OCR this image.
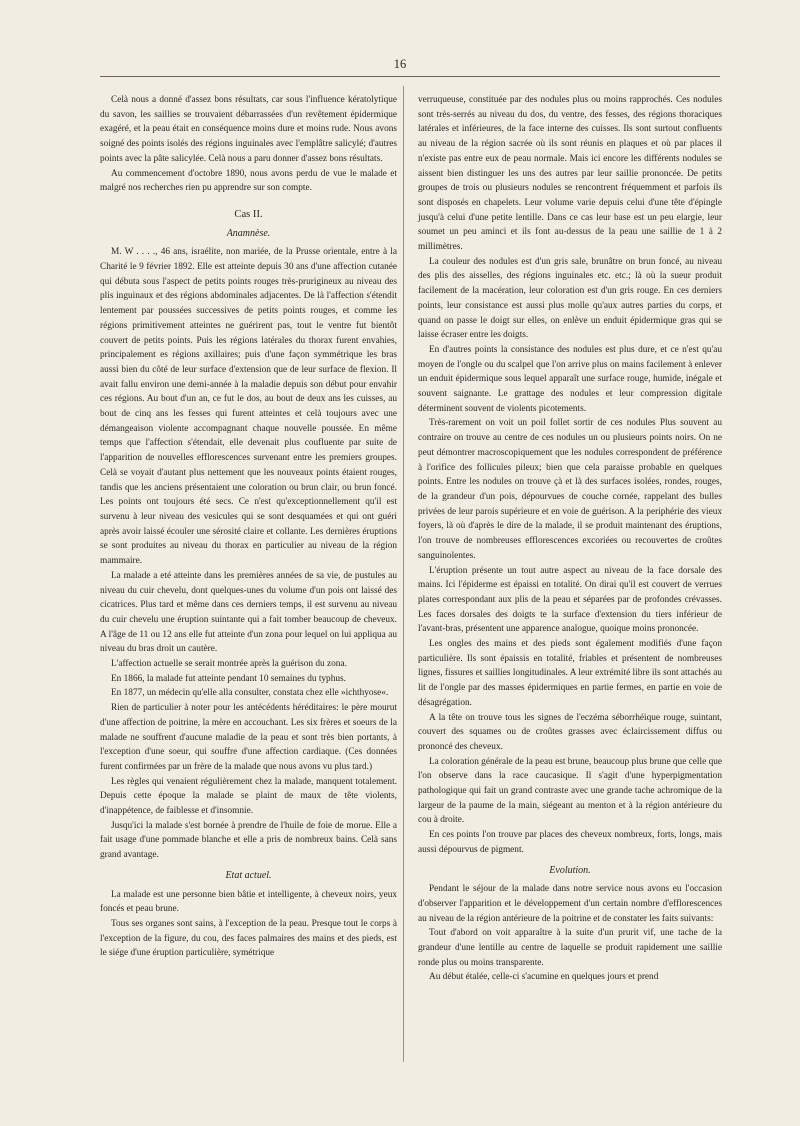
16

Celà nous a donné d'assez bons résultats, car sous l'influence kératolytique du savon, les saillies se trouvaient débarrassées d'un revêtement épidermique exagéré, et la peau était en conséquence moins dure et moins rude. Nous avons soigné des points isolés des régions inguinales avec l'emplâtre salicylé; d'autres points avec la pâte salicylée. Celà nous a paru donner d'assez bons résultats.

Au commencement d'octobre 1890, nous avons perdu de vue le malade et malgré nos recherches rien pu apprendre sur son compte.

Cas II.
Anamnèse.

M. W . . . ., 46 ans, israélite, non mariée, de la Prusse orientale, entre à la Charité le 9 février 1892. Elle est atteinte depuis 30 ans d'une affection cutanée qui débuta sous l'aspect de petits points rouges très-prurigineux au niveau des plis inguinaux et des régions abdominales adjacentes. De là l'affection s'étendit lentement par poussées successives de petits points rouges, et comme les régions primitivement atteintes ne guérirent pas, tout le ventre fut bientôt couvert de petits points. Puis les régions latérales du thorax furent envahies, principalement es régions axillaires; puis d'une façon symmétrique les bras aussi bien du côté de leur surface d'extension que de leur surface de flexion. Il avait fallu environ une demi-année à la maladie depuis son début pour envahir ces régions. Au bout d'un an, ce fut le dos, au bout de deux ans les cuisses, au bout de cinq ans les fesses qui furent atteintes et celà toujours avec une démangeaison violente accompagnant chaque nouvelle poussée. En même temps que l'affection s'étendait, elle devenait plus coufluente par suite de l'apparition de nouvelles efflorescences survenant entre les premiers groupes. Celà se voyait d'autant plus nettement que les nouveaux points étaient rouges, tandis que les anciens présentaient une coloration ou brun clair, ou brun foncé. Les points ont toujours été secs. Ce n'est qu'exceptionnellement qu'il est survenu à leur niveau des vesicules qui se sont desquamées et qui ont guéri après avoir laissé écouler une sérosité claire et collante. Les dernières éruptions se sont produites au niveau du thorax en particulier au niveau de la région mammaire.

La malade a eté atteinte dans les premières années de sa vie, de pustules au niveau du cuir chevelu, dont quelques-unes du volume d'un pois ont laissé des cicatrices. Plus tard et même dans ces derniers temps, il est survenu au niveau du cuir chevelu une éruption suintante qui a fait tomber beaucoup de cheveux. A l'âge de 11 ou 12 ans elle fut atteinte d'un zona pour lequel on lui appliqua au niveau du bras droit un cautère.

L'affection actuelle se serait montrée après la guérison du zona.

En 1866, la malade fut atteinte pendant 10 semaines du typhus.

En 1877, un médecin qu'elle alla consulter, constata chez elle »ichthyose«.

Rien de particulier à noter pour les antécédents héréditaires: le père mourut d'une affection de poitrine, la mère en accouchant. Les six frères et soeurs de la malade ne souffrent d'aucune maladie de la peau et sont très bien portants, à l'exception d'une soeur, qui souffre d'une affection cardiaque. (Ces données furent confirmées par un frère de la malade que nous avons vu plus tard.)

Les règles qui venaient régulièrement chez la malade, manquent totalement. Depuis cette époque la malade se plaint de maux de tête violents, d'inappétence, de faiblesse et d'insomnie.

Jusqu'ici la malade s'est bornée à prendre de l'huile de foie de morue. Elle a fait usage d'une pommade blanche et elle a pris de nombreux bains. Celà sans grand avantage.

Etat actuel.

La malade est une personne bien bâtie et intelligente, à cheveux noirs, yeux foncés et peau brune.

Tous ses organes sont sains, à l'exception de la peau. Presque tout le corps à l'exception de la figure, du cou, des faces palmaires des mains et des pieds, est le siége d'une éruption particulière, symétrique

verruqueuse, constituée par des nodules plus ou moins rapprochés. Ces nodules sont très-serrés au niveau du dos, du ventre, des fesses, des régions thoraciques latérales et inférieures, de la face interne des cuisses. Ils sont surtout confluents au niveau de la région sacrée où ils sont réunis en plaques et où par places il n'existe pas entre eux de peau normale. Mais ici encore les différents nodules se aissent bien distinguer les uns des autres par leur saillie prononcée. De petits groupes de trois ou plusieurs nodules se rencontrent fréquemment et parfois ils sont disposés en chapelets. Leur volume varie depuis celui d'une tête d'épingle jusqu'à celui d'une petite lentille. Dans ce cas leur base est un peu elargie, leur soumet un peu aminci et ils font au-dessus de la peau une saillie de 1 à 2 millimètres.

La couleur des nodules est d'un gris sale, brunâtre on brun foncé, au niveau des plis des aisselles, des régions inguinales etc. etc.; là où la sueur produit facilement de la macération, leur coloration est d'un gris rouge. En ces derniers points, leur consistance est aussi plus molle qu'aux autres parties du corps, et quand on passe le doigt sur elles, on enlève un enduit épidermique gras qui se laisse écraser entre les doigts.

En d'autres points la consistance des nodules est plus dure, et ce n'est qu'au moyen de l'ongle ou du scalpel que l'on arrive plus on mains facilement à enlever un enduit épidermique sous lequel apparaît une surface rouge, humide, inégale et souvent saignante. Le grattage des nodules et leur compression digitale déterminent souvent de violents picotements.

Très-rarement on voit un poil follet sortir de ces nodules Plus souvent au contraire on trouve au centre de ces nodules un ou plusieurs points noirs. On ne peut démontrer macroscopiquement que les nodules correspondent de préférence à l'orifice des follicules pileux; bien que cela paraisse probable en quelques points. Entre les nodules on trouve çà et là des surfaces isolées, rondes, rouges, de la grandeur d'un pois, dépourvues de couche cornée, rappelant des bulles privées de leur parois supérieure et en voie de guérison. A la periphérie des vieux foyers, là où d'après le dire de la malade, il se produit maintenant des éruptions, l'on trouve de nombreuses efflorescences excoriées ou recouvertes de croûtes sanguinolentes.

L'éruption présente un tout autre aspect au niveau de la face dorsale des mains. Ici l'épiderme est épaissi en totalité. On dirai qu'il est couvert de verrues plates correspondant aux plis de la peau et séparées par de profondes crévasses. Les faces dorsales des doigts te la surface d'extension du tiers inférieur de l'avant-bras, présentent une apparence analogue, quoique moins prononcée.

Les ongles des mains et des pieds sont également modifiés d'une façon particulière. Ils sont épaissis en totalité, friables et présentent de nombreuses lignes, fissures et saillies longitudinales. A leur extrémité libre ils sont attachés au lit de l'ongle par des masses épidermiques en partie fermes, en partie en voie de désagrégation.

A la tête on trouve tous les signes de l'eczéma séborrhéique rouge, suintant, couvert des squames ou de croûtes grasses avec éclaircissement diffus ou prononcé des cheveux.

La coloration générale de la peau est brune, beaucoup plus brune que celle que l'on observe dans la race caucasique. Il s'agit d'une hyperpigmentation pathologique qui fait un grand contraste avec une grande tache achromique de la largeur de la paume de la main, siégeant au menton et à la région antérieure du cou à droite.

En ces points l'on trouve par places des cheveux nombreux, forts, longs, mais aussi dépourvus de pigment.

Evolution.

Pendant le séjour de la malade dans notre service nous avons eu l'occasion d'observer l'apparition et le développement d'un certain nombre d'efflorescences au niveau de la région antérieure de la poitrine et de constater les faits suivants:

Tout d'abord on voit apparaître à la suite d'un prurit vif, une tache de la grandeur d'une lentille au centre de laquelle se produit rapidement une saillie ronde plus ou moins transparente.

Au début étalée, celle-ci s'acumine en quelques jours et prend
